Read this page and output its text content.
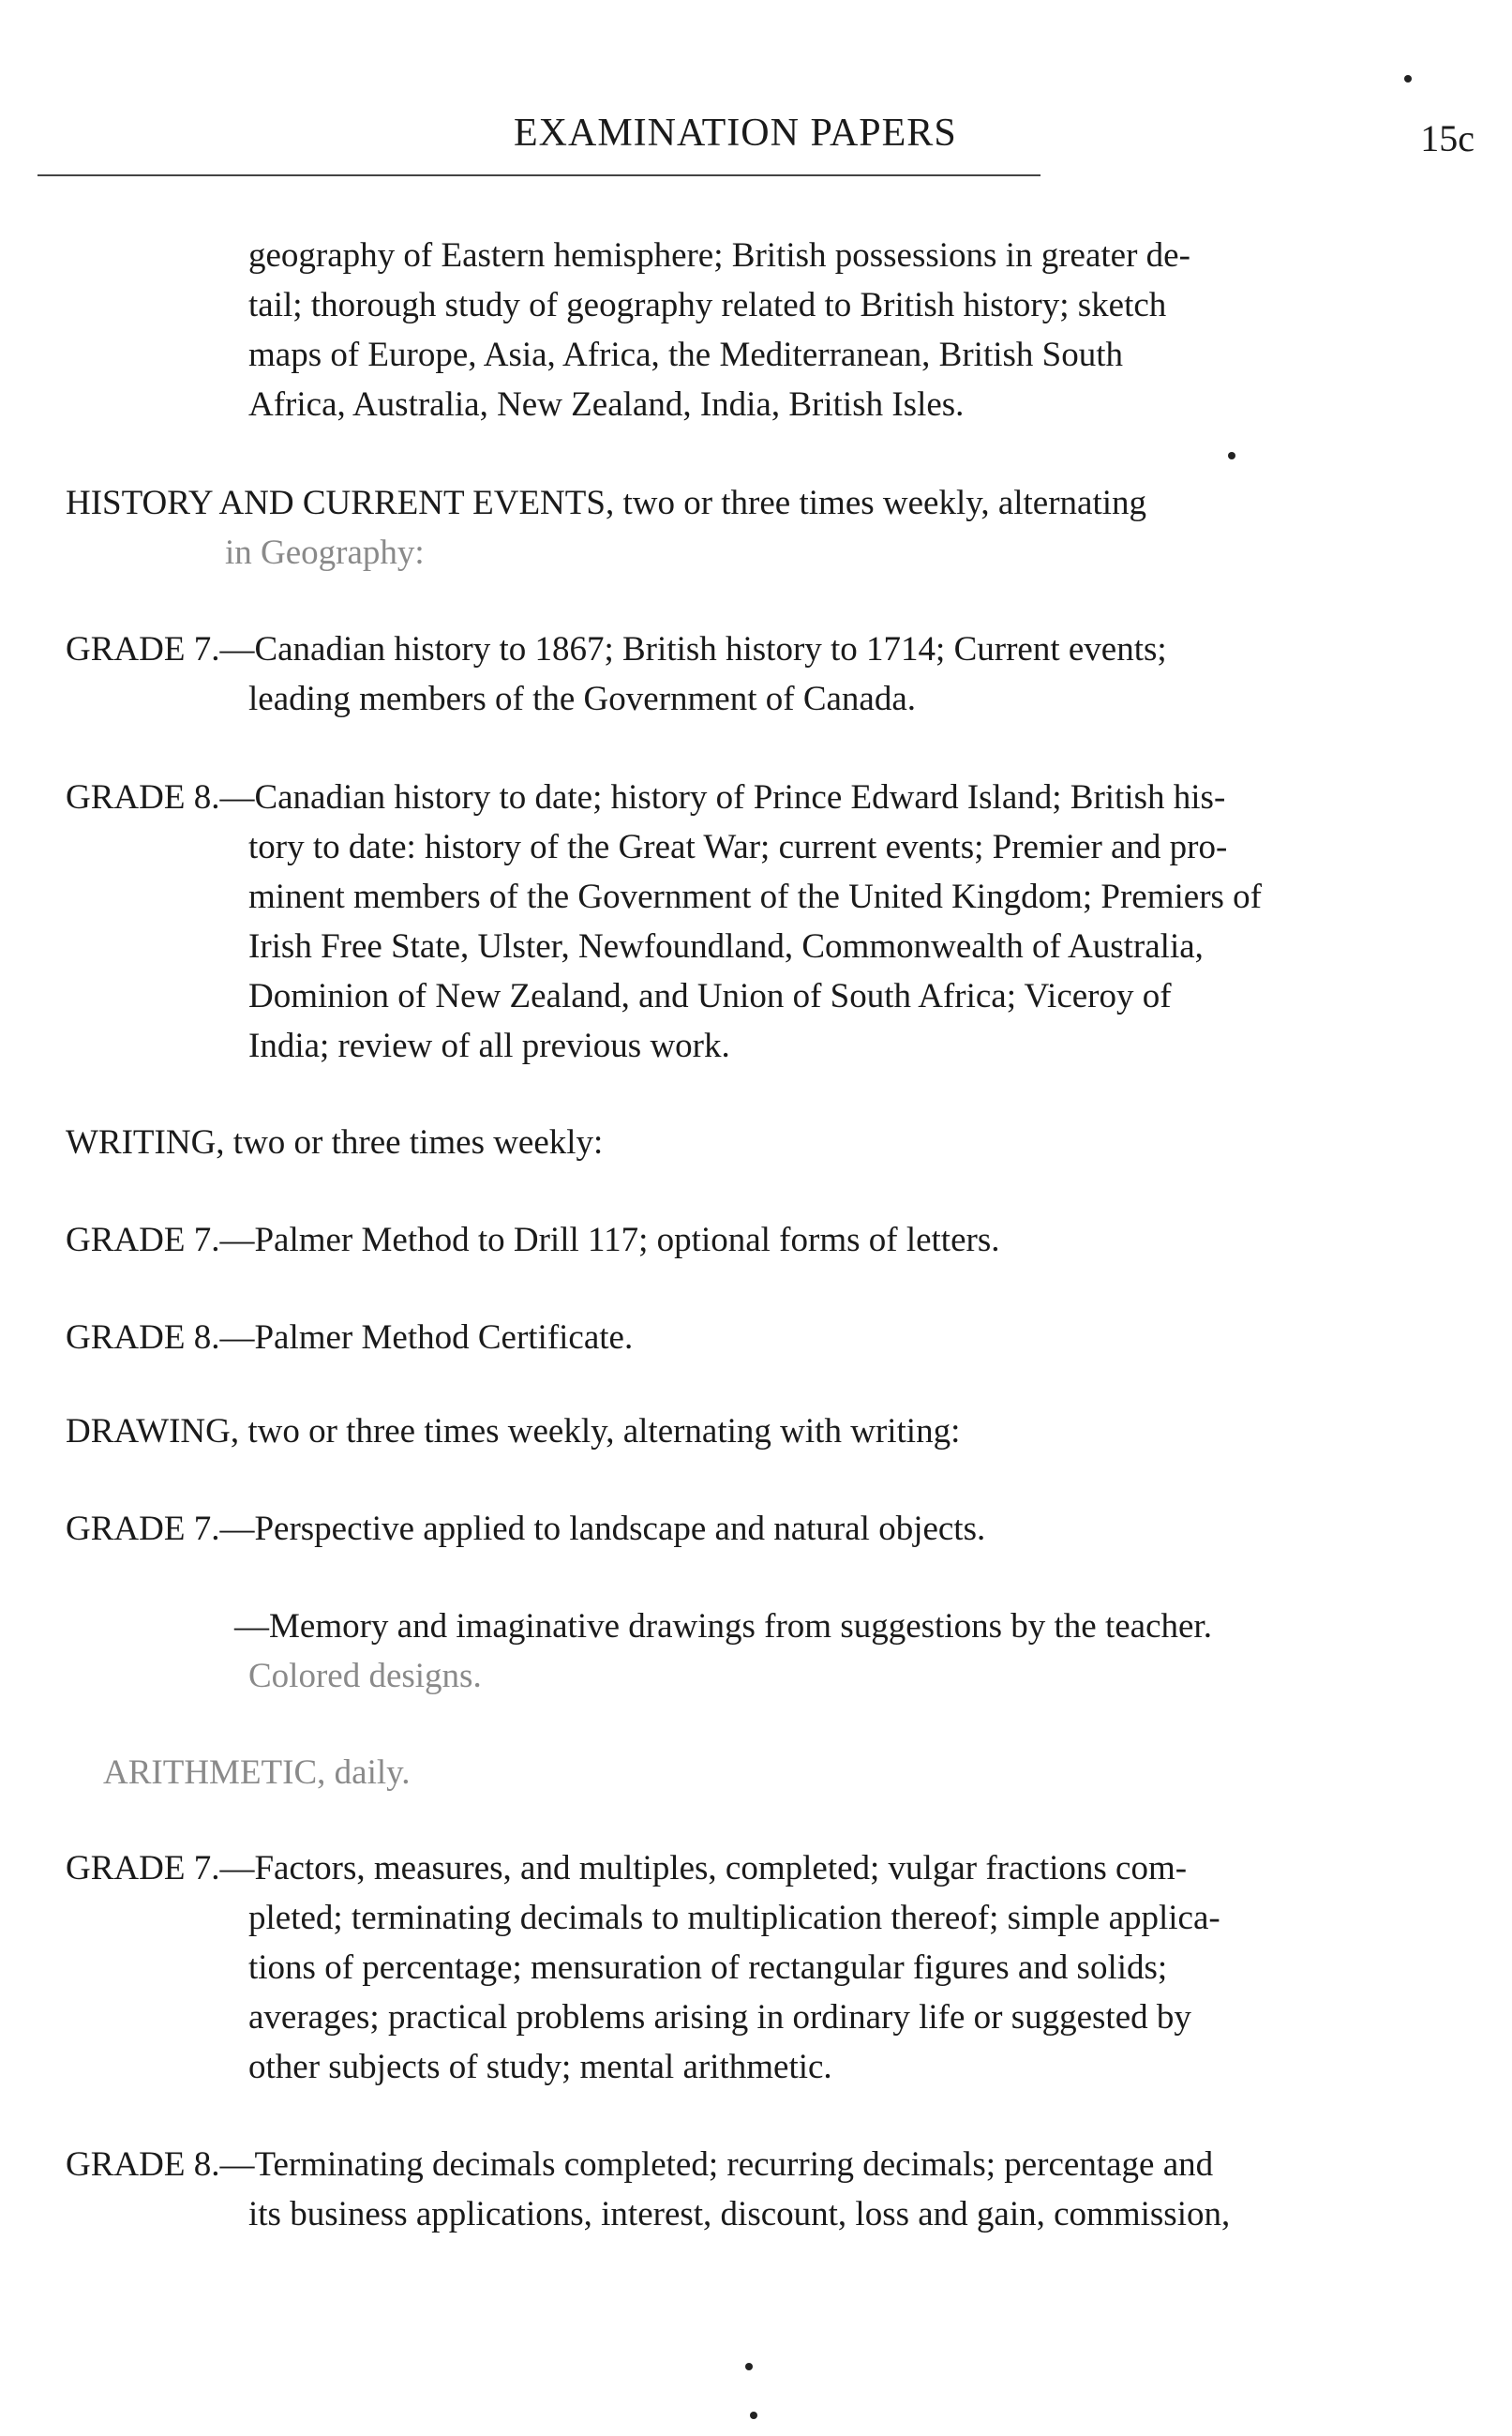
EXAMINATION PAPERS	15c
geography of Eastern hemisphere; British possessions in greater de-
tail; thorough study of geography related to British history; sketch
maps of Europe, Asia, Africa, the Mediterranean, British South
Africa, Australia, New Zealand, India, British Isles.
HISTORY AND CURRENT EVENTS, two or three times weekly, alternating
in Geography:
GRADE 7.—Canadian history to 1867; British history to 1714; Current events;
leading members of the Government of Canada.
GRADE 8.—Canadian history to date; history of Prince Edward Island; British his-
tory to date: history of the Great War; current events; Premier and pro-
minent members of the Government of the United Kingdom; Premiers of
Irish Free State, Ulster, Newfoundland, Commonwealth of Australia,
Dominion of New Zealand, and Union of South Africa; Viceroy of
India; review of all previous work.
WRITING, two or three times weekly:
GRADE 7.—Palmer Method to Drill 117; optional forms of letters.
GRADE 8.—Palmer Method Certificate.
DRAWING, two or three times weekly, alternating with writing:
GRADE 7.—Perspective applied to landscape and natural objects.
—Memory and imaginative drawings from suggestions by the teacher.
Colored designs.
ARITHMETIC, daily.
GRADE 7.—Factors, measures, and multiples, completed; vulgar fractions com-
pleted; terminating decimals to multiplication thereof; simple applica-
tions of percentage; mensuration of rectangular figures and solids;
averages; practical problems arising in ordinary life or suggested by
other subjects of study; mental arithmetic.
GRADE 8.—Terminating decimals completed; recurring decimals; percentage and
its business applications, interest, discount, loss and gain, commission,
